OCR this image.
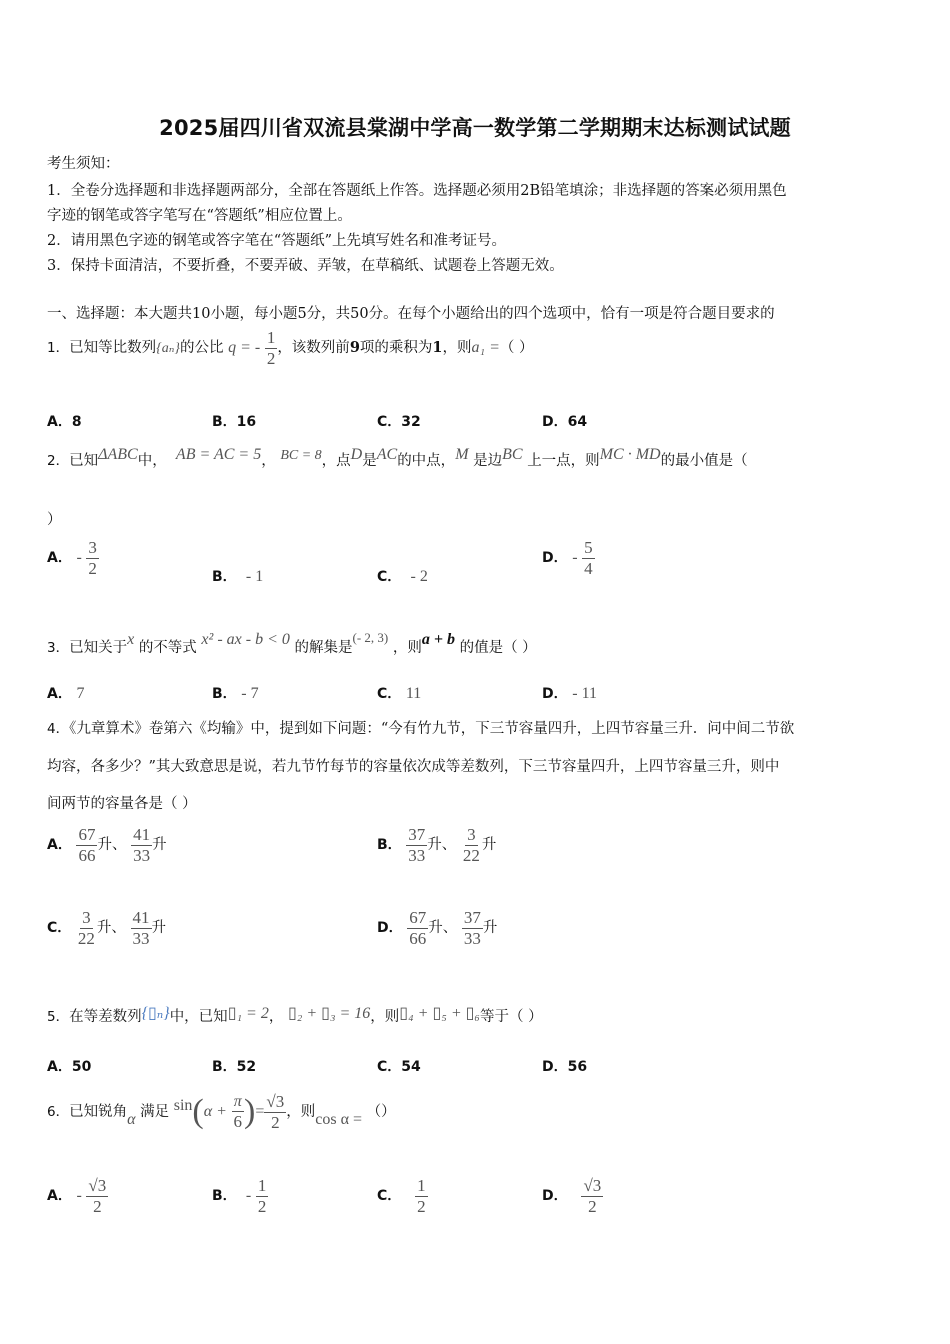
2025届四川省双流县棠湖中学高一数学第二学期期末达标测试试题
考生须知：
1．全卷分选择题和非选择题两部分，全部在答题纸上作答。选择题必须用2B铅笔填涂；非选择题的答案必须用黑色
字迹的钢笔或答字笔写在“答题纸”相应位置上。
2．请用黑色字迹的钢笔或答字笔在“答题纸”上先填写姓名和准考证号。
3．保持卡面清洁，不要折叠，不要弄破、弄皱，在草稿纸、试题卷上答题无效。
一、选择题：本大题共10小题，每小题5分，共50分。在每个小题给出的四个选项中，恰有一项是符合题目要求的
1．已知等比数列{aₙ}的公比 q = - $\frac{1}{2}$ ，该数列前9项的乘积为1，则a₁ =（ ）
A．8	B．16	C．32	D．64
2．已知ΔABC中， AB = AC = 5， BC = 8，点D是AC的中点，M 是边BC 上一点，则MC · MD的最小值是（
）
A． - $\frac{3}{2}$	B． - 1	C． - 2
D． - $\frac{5}{4}$
3．已知关于x 的不等式 x² - ax - b < 0 的解集是(- 2, 3) ，则a + b 的值是（ ）
A． 7	B． - 7	C． 11	D． - 11
4．《九章算术》卷第六《均输》中，提到如下问题：“今有竹九节，下三节容量四升，上四节容量三升．问中间二节欲
均容，各多少？”其大致意思是说，若九节竹每节的容量依次成等差数列，下三节容量四升，上四节容量三升，则中
间两节的容量各是（ ）
A． $\frac{67}{66}$ 升、 $\frac{41}{33}$ 升	B． $\frac{37}{33}$ 升、 $\frac{3}{22}$ 升
C． $\frac{3}{22}$ 升、 $\frac{41}{33}$ 升	D． $\frac{67}{66}$ 升、 $\frac{37}{33}$ 升
5．在等差数列{▯ₙ}中，已知▯₁ = 2， ▯₂ + ▯₃ = 16，则▯₄ + ▯₅ + ▯₆等于（ ）
A．50	B．52	C．54	D．56
6．已知锐角α 满足 $\sin(\alpha + \frac{\pi}{6}$ )= $\frac{√3}{2}$ ，则cos α = （）
A． - $\frac{√3}{2}$	B． - $\frac{1}{2}$	C． $\frac{1}{2}$	D． $\frac{√3}{2}$
